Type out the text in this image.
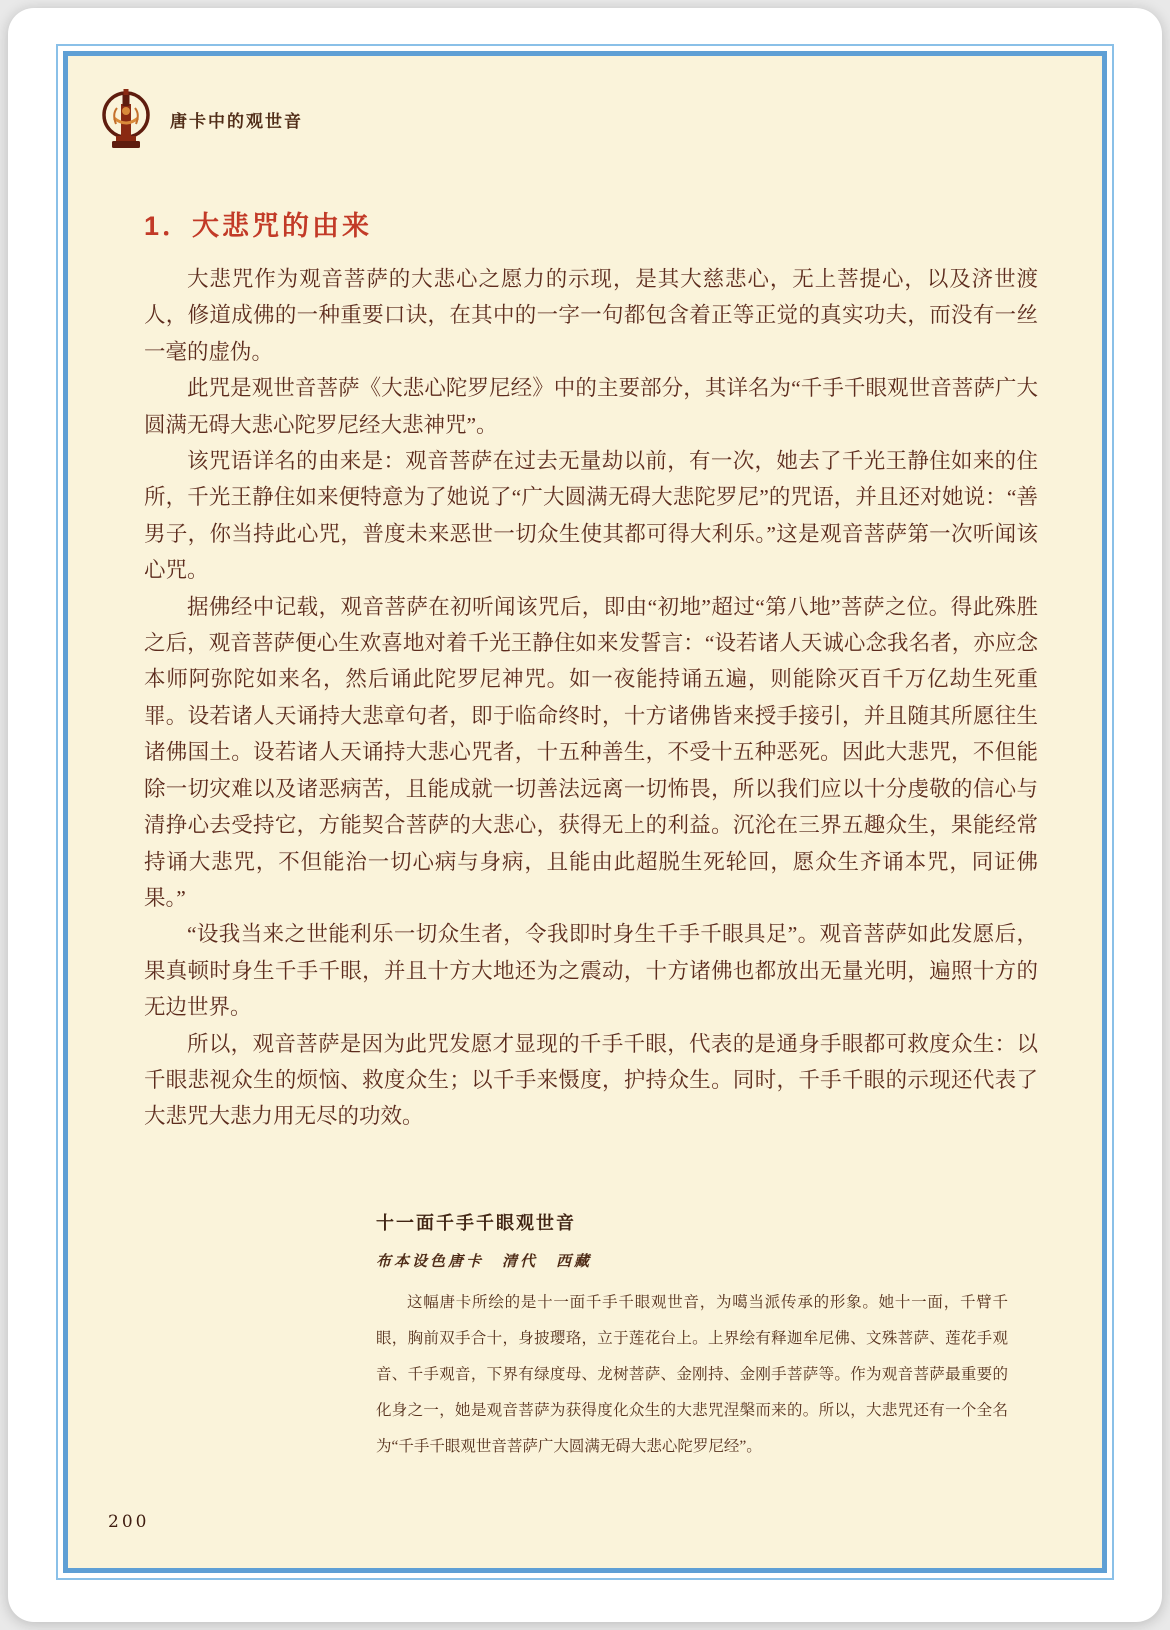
唐卡中的观世音
1．大悲咒的由来

大悲咒作为观音菩萨的大悲心之愿力的示现，是其大慈悲心，无上菩提心，以及济世渡人，修道成佛的一种重要口诀，在其中的一字一句都包含着正等正觉的真实功夫，而没有一丝一毫的虚伪。

此咒是观世音菩萨《大悲心陀罗尼经》中的主要部分，其详名为“千手千眼观世音菩萨广大圆满无碍大悲心陀罗尼经大悲神咒”。

该咒语详名的由来是：观音菩萨在过去无量劫以前，有一次，她去了千光王静住如来的住所，千光王静住如来便特意为了她说了“广大圆满无碍大悲陀罗尼”的咒语，并且还对她说：“善男子，你当持此心咒，普度未来恶世一切众生使其都可得大利乐。”这是观音菩萨第一次听闻该心咒。

据佛经中记载，观音菩萨在初听闻该咒后，即由“初地”超过“第八地”菩萨之位。得此殊胜之后，观音菩萨便心生欢喜地对着千光王静住如来发誓言：“设若诸人天诚心念我名者，亦应念本师阿弥陀如来名，然后诵此陀罗尼神咒。如一夜能持诵五遍，则能除灭百千万亿劫生死重罪。设若诸人天诵持大悲章句者，即于临命终时，十方诸佛皆来授手接引，并且随其所愿往生诸佛国土。设若诸人天诵持大悲心咒者，十五种善生，不受十五种恶死。因此大悲咒，不但能除一切灾难以及诸恶病苦，且能成就一切善法远离一切怖畏，所以我们应以十分虔敬的信心与清挣心去受持它，方能契合菩萨的大悲心，获得无上的利益。沉沦在三界五趣众生，果能经常持诵大悲咒，不但能治一切心病与身病，且能由此超脱生死轮回，愿众生齐诵本咒，同证佛果。”

“设我当来之世能利乐一切众生者，令我即时身生千手千眼具足”。观音菩萨如此发愿后，果真顿时身生千手千眼，并且十方大地还为之震动，十方诸佛也都放出无量光明，遍照十方的无边世界。

所以，观音菩萨是因为此咒发愿才显现的千手千眼，代表的是通身手眼都可救度众生：以千眼悲视众生的烦恼、救度众生；以千手来慑度，护持众生。同时，千手千眼的示现还代表了大悲咒大悲力用无尽的功效。

十一面千手千眼观世音
布本设色唐卡　清代　西藏
这幅唐卡所绘的是十一面千手千眼观世音，为噶当派传承的形象。她十一面，千臂千眼，胸前双手合十，身披璎珞，立于莲花台上。上界绘有释迦牟尼佛、文殊菩萨、莲花手观音、千手观音，下界有绿度母、龙树菩萨、金刚持、金刚手菩萨等。作为观音菩萨最重要的化身之一，她是观音菩萨为获得度化众生的大悲咒涅槃而来的。所以，大悲咒还有一个全名为“千手千眼观世音菩萨广大圆满无碍大悲心陀罗尼经”。
200
